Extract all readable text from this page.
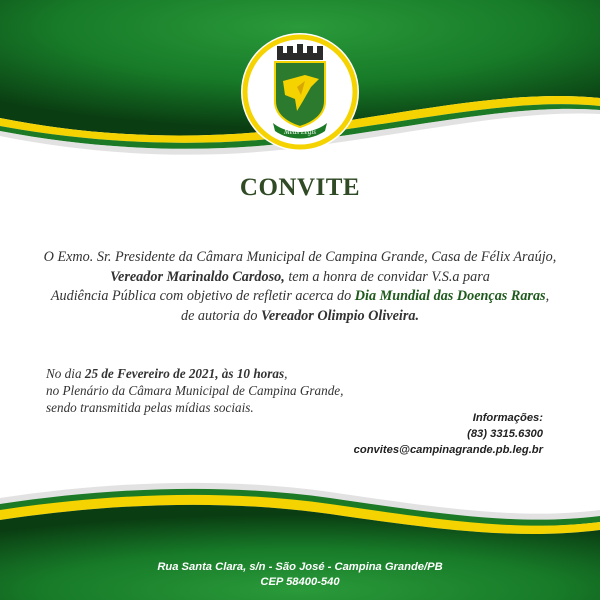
Meus Legis
CONVITE
O Exmo. Sr. Presidente da Câmara Municipal de Campina Grande, Casa de Félix Araújo,
Vereador Marinaldo Cardoso, tem a honra de convidar V.S.a para
Audiência Pública com objetivo de refletir acerca do Dia Mundial das Doenças Raras,
de autoria do Vereador Olimpio Oliveira.
No dia 25 de Fevereiro de 2021, às 10 horas,
no Plenário da Câmara Municipal de Campina Grande,
sendo transmitida pelas mídias sociais.
Informações:
(83) 3315.6300
convites@campinagrande.pb.leg.br
Rua Santa Clara, s/n - São José - Campina Grande/PB
CEP 58400-540
